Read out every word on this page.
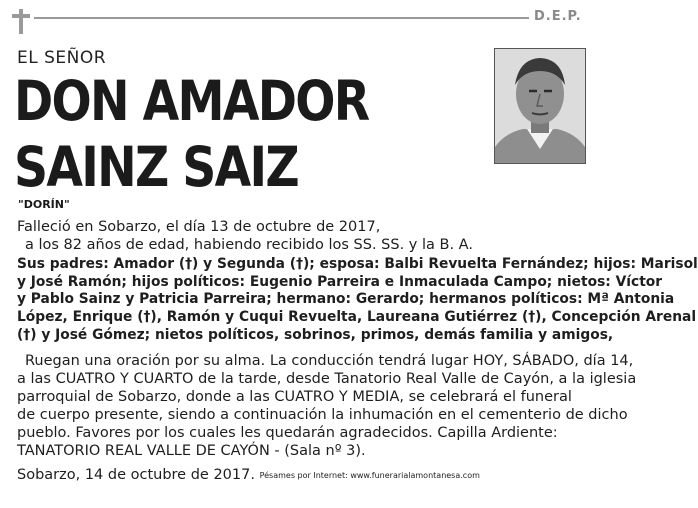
D.E.P.
EL SEÑOR
DON AMADOR
SAINZ SAIZ
"DORÍN"
Falleció en Sobarzo, el día 13 de octubre de 2017,
a los 82 años de edad, habiendo recibido los SS. SS. y la B. A.
Sus padres: Amador (†) y Segunda (†); esposa: Balbi Revuelta Fernández; hijos: Marisol
y José Ramón; hijos políticos: Eugenio Parreira e Inmaculada Campo; nietos: Víctor
y Pablo Sainz y Patricia Parreira; hermano: Gerardo; hermanos políticos: Mª Antonia
López, Enrique (†), Ramón y Cuqui Revuelta, Laureana Gutiérrez (†), Concepción Arenal
(†) y José Gómez; nietos políticos, sobrinos, primos, demás familia y amigos,
Ruegan una oración por su alma. La conducción tendrá lugar HOY, SÁBADO, día 14,
a las CUATRO Y CUARTO de la tarde, desde Tanatorio Real Valle de Cayón, a la iglesia
parroquial de Sobarzo, donde a las CUATRO Y MEDIA, se celebrará el funeral
de cuerpo presente, siendo a continuación la inhumación en el cementerio de dicho
pueblo. Favores por los cuales les quedarán agradecidos. Capilla Ardiente:
TANATORIO REAL VALLE DE CAYÓN - (Sala nº 3).
Sobarzo, 14 de octubre de 2017. Pésames por Internet: www.funerarialamontanesa.com
